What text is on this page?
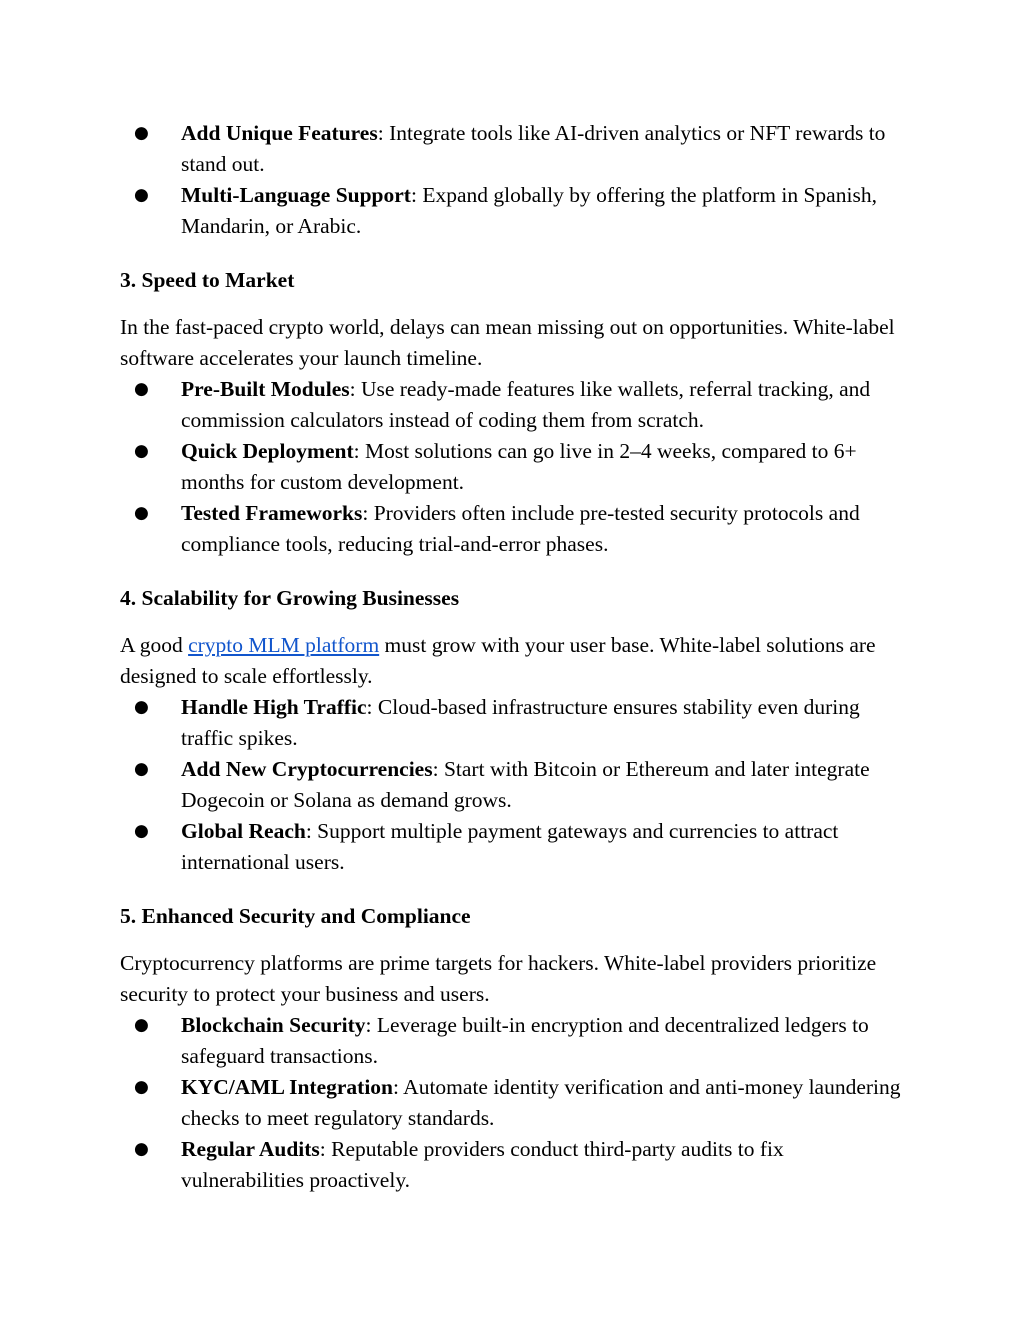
● Add Unique Features: Integrate tools like AI-driven analytics or NFT rewards to stand out.
● Multi-Language Support: Expand globally by offering the platform in Spanish, Mandarin, or Arabic.
3. Speed to Market

In the fast-paced crypto world, delays can mean missing out on opportunities. White-label software accelerates your launch timeline.

● Pre-Built Modules: Use ready-made features like wallets, referral tracking, and commission calculators instead of coding them from scratch.
● Quick Deployment: Most solutions can go live in 2–4 weeks, compared to 6+ months for custom development.
● Tested Frameworks: Providers often include pre-tested security protocols and compliance tools, reducing trial-and-error phases.
4. Scalability for Growing Businesses

A good crypto MLM platform must grow with your user base. White-label solutions are designed to scale effortlessly.

● Handle High Traffic: Cloud-based infrastructure ensures stability even during traffic spikes.
● Add New Cryptocurrencies: Start with Bitcoin or Ethereum and later integrate Dogecoin or Solana as demand grows.
● Global Reach: Support multiple payment gateways and currencies to attract international users.
5. Enhanced Security and Compliance

Cryptocurrency platforms are prime targets for hackers. White-label providers prioritize security to protect your business and users.

● Blockchain Security: Leverage built-in encryption and decentralized ledgers to safeguard transactions.
● KYC/AML Integration: Automate identity verification and anti-money laundering checks to meet regulatory standards.
● Regular Audits: Reputable providers conduct third-party audits to fix vulnerabilities proactively.
